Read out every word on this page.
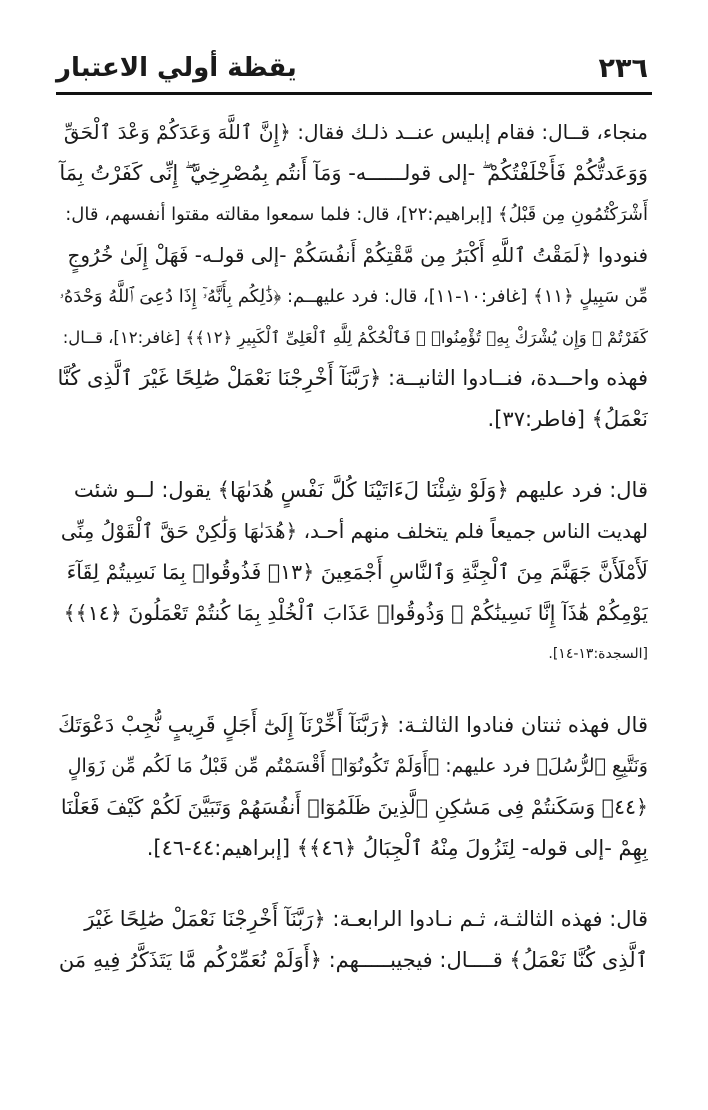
٢٣٦
يقظة أولي الاعتبار
منجاء، قــال: فقام إبليس عنــد ذلـك فقال: ﴿إِنَّ ٱللَّهَ وَعَدَكُمْ وَعْدَ ٱلْحَقِّ
وَوَعَدتُّكُمْ فَأَخْلَفْتُكُمْ ۖ -إلى قولــــــه- وَمَآ أَنتُم بِمُصْرِخِيَّ ۖ إِنِّى كَفَرْتُ بِمَآ
أَشْرَكْتُمُونِ مِن قَبْلُ﴾ [إبراهيم:٢٢]، قال: فلما سمعوا مقالته مقتوا أنفسهم، قال:
فنودوا ﴿لَمَقْتُ ٱللَّهِ أَكْبَرُ مِن مَّقْتِكُمْ أَنفُسَكُمْ -إلى قولـه- فَهَلْ إِلَىٰ خُرُوجٍ
مِّن سَبِيلٍ ﴿١١﴾ [غافر:١٠-١١]، قال: فرد عليهــم: ﴿ذَٰلِكُم بِأَنَّهُۥٓ إِذَا دُعِىَ ٱللَّهُ وَحْدَهُۥ
كَفَرْتُمْ ۖ وَإِن يُشْرَكْ بِهِۦ تُؤْمِنُوا۟ ۚ فَٱلْحُكْمُ لِلَّهِ ٱلْعَلِىِّ ٱلْكَبِيرِ ﴿١٢﴾﴾ [غافر:١٢]، قــال:
فهذه واحــدة، فنــادوا الثانيــة: ﴿رَبَّنَآ أَخْرِجْنَا نَعْمَلْ صَٰلِحًا غَيْرَ ٱلَّذِى كُنَّا
نَعْمَلُ﴾ [فاطر:٣٧].
قال: فرد عليهم ﴿وَلَوْ شِئْنَا لَءَاتَيْنَا كُلَّ نَفْسٍ هُدَىٰهَا﴾ يقول: لــو شئت
لهديت الناس جميعاً فلم يتخلف منهم أحـد، ﴿هُدَىٰهَا وَلَٰكِنْ حَقَّ ٱلْقَوْلُ مِنِّى
لَأَمْلَأَنَّ جَهَنَّمَ مِنَ ٱلْجِنَّةِ وَٱلنَّاسِ أَجْمَعِينَ ﴿١٣﴾ فَذُوقُوا۟ بِمَا نَسِيتُمْ لِقَآءَ
يَوْمِكُمْ هَٰذَآ إِنَّا نَسِينَٰكُمْ ۖ وَذُوقُوا۟ عَذَابَ ٱلْخُلْدِ بِمَا كُنتُمْ تَعْمَلُونَ ﴿١٤﴾﴾
[السجدة:١٣-١٤].
قال فهذه ثنتان فنادوا الثالثـة: ﴿رَبَّنَآ أَخِّرْنَآ إِلَىٰٓ أَجَلٍ قَرِيبٍ نُّجِبْ دَعْوَتَكَ
وَنَتَّبِعِ ٱلرُّسُلَ﴾ فرد عليهم: ﴿أَوَلَمْ تَكُونُوٓا۟ أَقْسَمْتُم مِّن قَبْلُ مَا لَكُم مِّن زَوَالٍ
﴿٤٤﴾ وَسَكَنتُمْ فِى مَسَٰكِنِ ٱلَّذِينَ ظَلَمُوٓا۟ أَنفُسَهُمْ وَتَبَيَّنَ لَكُمْ كَيْفَ فَعَلْنَا
بِهِمْ -إلى قوله- لِتَزُولَ مِنْهُ ٱلْجِبَالُ ﴿٤٦﴾﴾ [إبراهيم:٤٤-٤٦].
قال: فهذه الثالثـة، ثـم نـادوا الرابعـة: ﴿رَبَّنَآ أَخْرِجْنَا نَعْمَلْ صَٰلِحًا غَيْرَ
ٱلَّذِى كُنَّا نَعْمَلُ﴾ قــــال: فيجيبـــــهم: ﴿أَوَلَمْ نُعَمِّرْكُم مَّا يَتَذَكَّرُ فِيهِ مَن
